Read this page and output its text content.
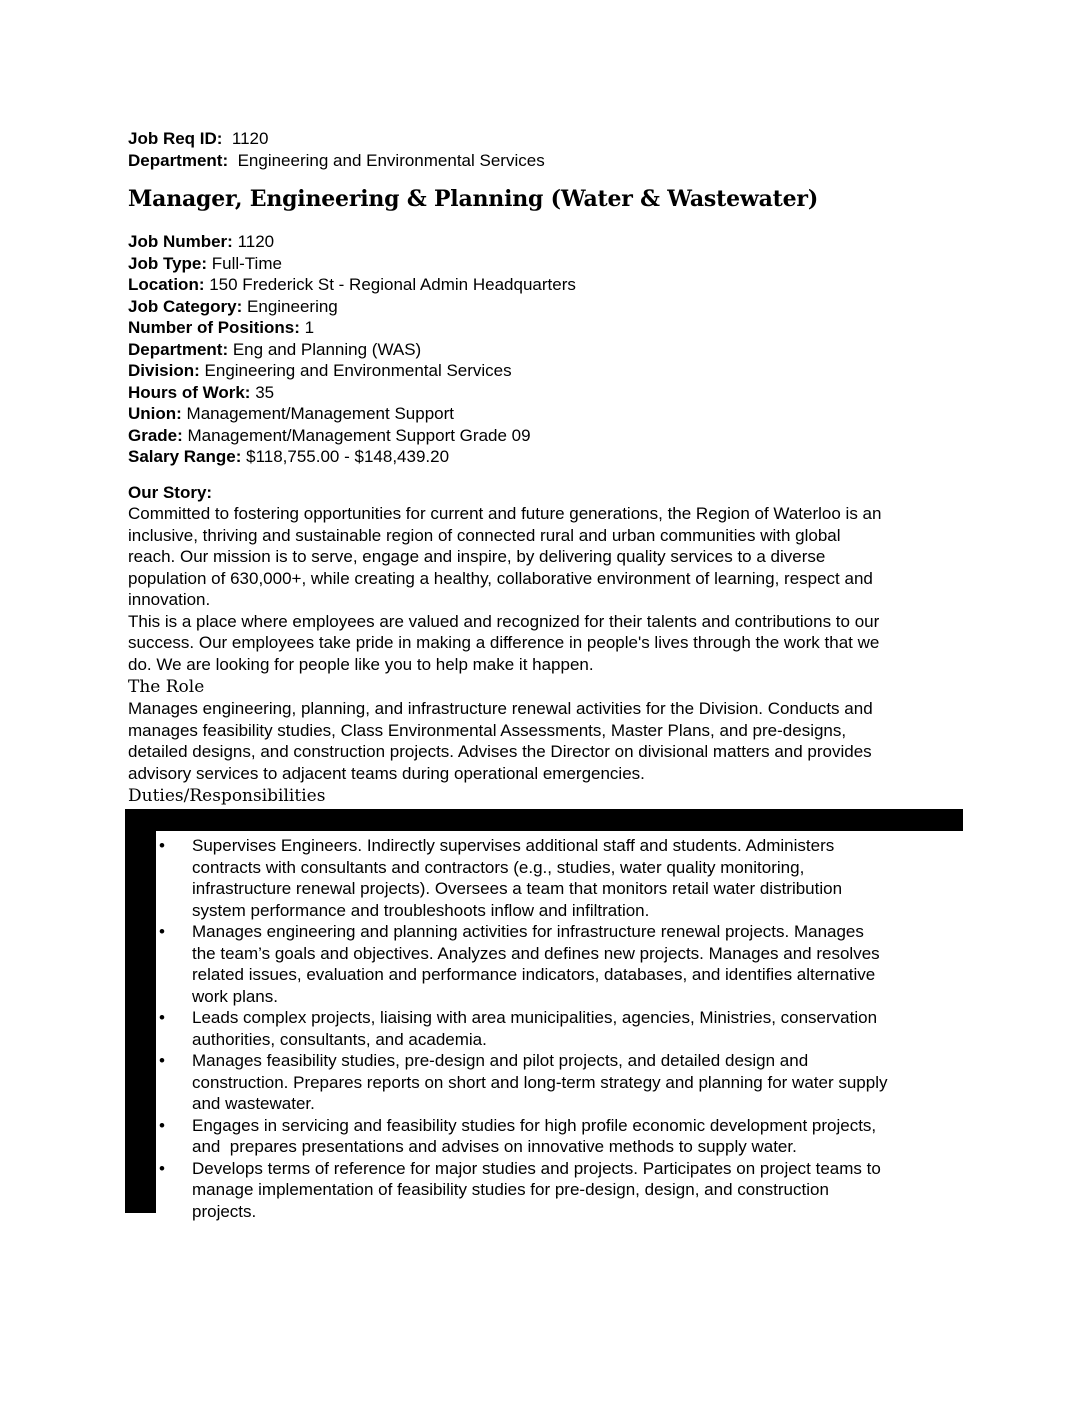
Job Req ID: 1120

Department: Engineering and Environmental Services

Manager, Engineering & Planning (Water & Wastewater)

Job Number: 1120

Job Type: Full-Time

Location: 150 Frederick St - Regional Admin Headquarters

Job Category: Engineering

Number of Positions: 1

Department: Eng and Planning (WAS)

Division: Engineering and Environmental Services

Hours of Work: 35

Union: Management/Management Support

Grade: Management/Management Support Grade 09

Salary Range: $118,755.00 - $148,439.20

Our Story:

Committed to fostering opportunities for current and future generations, the Region of Waterloo is an

inclusive, thriving and sustainable region of connected rural and urban communities with global

reach. Our mission is to serve, engage and inspire, by delivering quality services to a diverse

population of 630,000+, while creating a healthy, collaborative environment of learning, respect and

innovation.

This is a place where employees are valued and recognized for their talents and contributions to our

success. Our employees take pride in making a difference in people's lives through the work that we

do. We are looking for people like you to help make it happen.

The Role

Manages engineering, planning, and infrastructure renewal activities for the Division. Conducts and

manages feasibility studies, Class Environmental Assessments, Master Plans, and pre-designs,

detailed designs, and construction projects. Advises the Director on divisional matters and provides

advisory services to adjacent teams during operational emergencies.

Duties/Responsibilities
• Supervises Engineers. Indirectly supervises additional staff and students. Administers
contracts with consultants and contractors (e.g., studies, water quality monitoring,
infrastructure renewal projects). Oversees a team that monitors retail water distribution
system performance and troubleshoots inflow and infiltration.
• Manages engineering and planning activities for infrastructure renewal projects. Manages
the team’s goals and objectives. Analyzes and defines new projects. Manages and resolves
related issues, evaluation and performance indicators, databases, and identifies alternative
work plans.
• Leads complex projects, liaising with area municipalities, agencies, Ministries, conservation
authorities, consultants, and academia.
• Manages feasibility studies, pre-design and pilot projects, and detailed design and
construction. Prepares reports on short and long-term strategy and planning for water supply
and wastewater.
• Engages in servicing and feasibility studies for high profile economic development projects,
and  prepares presentations and advises on innovative methods to supply water.
• Develops terms of reference for major studies and projects. Participates on project teams to
manage implementation of feasibility studies for pre-design, design, and construction
projects.
